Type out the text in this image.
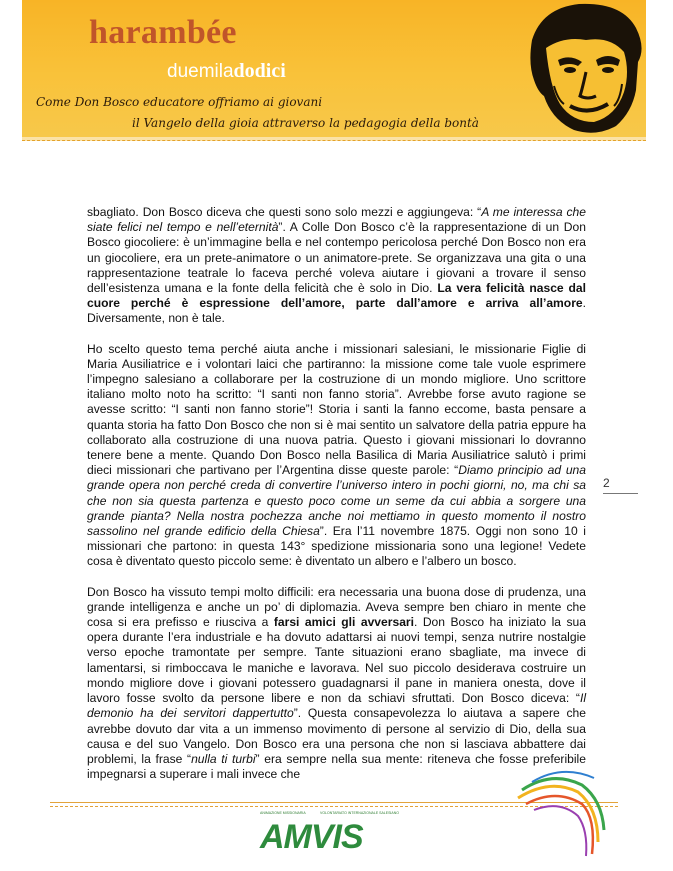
harambée
duemiladodici
Come Don Bosco educatore offriamo ai giovani
il Vangelo della gioia attraverso la pedagogia della bontà
2

sbagliato. Don Bosco diceva che questi sono solo mezzi e aggiungeva: “A me interessa che siate felici nel tempo e nell’eternità”. A Colle Don Bosco c’è la rappresentazione di un Don Bosco giocoliere: è un’immagine bella e nel contempo pericolosa perché Don Bosco non era un giocoliere, era un prete-animatore o un animatore-prete. Se organizzava una gita o una rappresentazione teatrale lo faceva perché voleva aiutare i giovani a trovare il senso dell’esistenza umana e la fonte della felicità che è solo in Dio. La vera felicità nasce dal cuore perché è espressione dell’amore, parte dall’amore e arriva all’amore. Diversamente, non è tale.

Ho scelto questo tema perché aiuta anche i missionari salesiani, le missionarie Figlie di Maria Ausiliatrice e i volontari laici che partiranno: la missione come tale vuole esprimere l’impegno salesiano a collaborare per la costruzione di un mondo migliore. Uno scrittore italiano molto noto ha scritto: “I santi non fanno storia”. Avrebbe forse avuto ragione se avesse scritto: “I santi non fanno storie”! Storia i santi la fanno eccome, basta pensare a quanta storia ha fatto Don Bosco che non si è mai sentito un salvatore della patria eppure ha collaborato alla costruzione di una nuova patria. Questo i giovani missionari lo dovranno tenere bene a mente. Quando Don Bosco nella Basilica di Maria Ausiliatrice salutò i primi dieci missionari che partivano per l’Argentina disse queste parole: “Diamo principio ad una grande opera non perché creda di convertire l’universo intero in pochi giorni, no, ma chi sa che non sia questa partenza e questo poco come un seme da cui abbia a sorgere una grande pianta? Nella nostra pochezza anche noi mettiamo in questo momento il nostro sassolino nel grande edificio della Chiesa”. Era l’11 novembre 1875. Oggi non sono 10 i missionari che partono: in questa 143° spedizione missionaria sono una legione! Vedete cosa è diventato questo piccolo seme: è diventato un albero e l’albero un bosco.

Don Bosco ha vissuto tempi molto difficili: era necessaria una buona dose di prudenza, una grande intelligenza e anche un po’ di diplomazia. Aveva sempre ben chiaro in mente che cosa si era prefisso e riusciva a farsi amici gli avversari. Don Bosco ha iniziato la sua opera durante l’era industriale e ha dovuto adattarsi ai nuovi tempi, senza nutrire nostalgie verso epoche tramontate per sempre. Tante situazioni erano sbagliate, ma invece di lamentarsi, si rimboccava le maniche e lavorava. Nel suo piccolo desiderava costruire un mondo migliore dove i giovani potessero guadagnarsi il pane in maniera onesta, dove il lavoro fosse svolto da persone libere e non da schiavi sfruttati. Don Bosco diceva: “Il demonio ha dei servitori dappertutto”. Questa consapevolezza lo aiutava a sapere che avrebbe dovuto dar vita a un immenso movimento di persone al servizio di Dio, della sua causa e del suo Vangelo. Don Bosco era una persona che non si lasciava abbattere dai problemi, la frase “nulla ti turbi” era sempre nella sua mente: riteneva che fosse preferibile impegnarsi a superare i mali invece che

ANIMAZIONE MISSIONARIA	VOLONTARIATO INTERNAZIONALE SALESIANO
AMVIS
